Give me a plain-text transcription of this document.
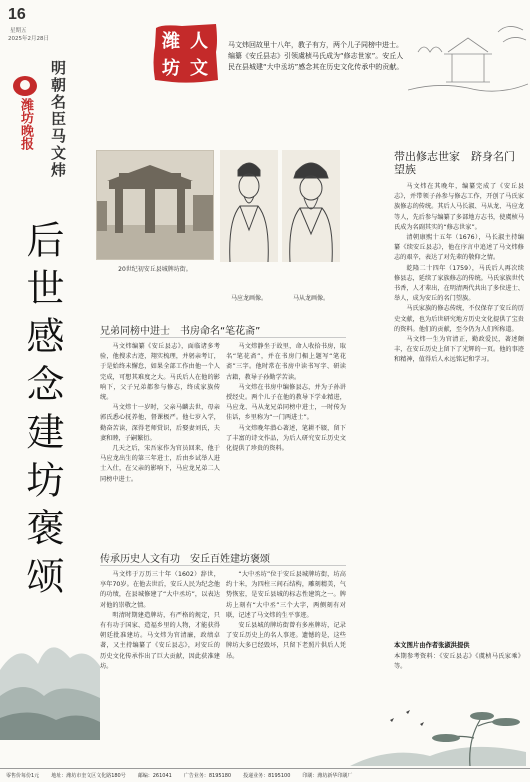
16
星期五
2025年2月28日
潍坊晚报 明朝名臣马文炜
潍 人
坊 文
马文炜回故里十八年，教子有方，两个儿子同榜中进士。编纂《安丘县志》引领虞桢马氏成为“修志世家”。安丘人民在县城建“大中丞坊”感念其在历史文化传承中的贡献。
后世感念建坊褒颂	20世纪初安丘县城牌坊街。
马应龙画像。	马从龙画像。
兄弟同榜中进士　书房命名“笔花斋”

马文炜编纂《安丘县志》，面临诸多考验，他搜求古迹，翔实梳理，并躬亲考订，于是始终未懈怠，如果全部工作由他一个人完成，可想其难度之大。马氏后人在他的影响下，父子兄弟都参与修志，终成家族传统。

马文炜十一岁时，父亲马麟去世，母亲郭氏悉心抚养他，督课极严。他七岁入学，勤奋苦读，深得老师赏识，后娶妻刘氏，夫妻和睦，子嗣繁衍。

几天之后，宋吾家作为官员回来，他于马应龙出生的第三年进士，后由乡试举人进士入仕，在父亲的影响下，马应龙兄弟二人同榜中进士。

马文炜静坐于故里，命人收拾书房，取名“笔花斋”，并在书房门楣上题写“笔花斋”三字。他时常在书房中读书写字、研读古籍，教导子孙勤学苦读。

马文炜在书房中编修县志，并为子孙讲授经史。两个儿子在他的教导下学业精进，马应龙、马从龙兄弟同榜中进士，一时传为佳话，乡里称为“一门两进士”。

马文炜晚年潜心著述，笔耕不辍，留下了丰富的诗文作品，为后人研究安丘历史文化提供了珍贵的资料。

传承历史人文有功　安丘百姓建坊褒颂

马文炜于万历三十年（1602）辞世，享年70岁。在他去世后，安丘人民为纪念他的功绩，在县城修建了“大中丞坊”，以表达对他的崇敬之情。

明清时期建造牌坊，有严格的规定，只有有功于国家、造福乡里的人物，才能获得朝廷批准建坊。马文炜为官清廉，政绩卓著，又主持编纂了《安丘县志》，对安丘的历史文化传承作出了巨大贡献，因此获准建坊。

“大中丞坊”位于安丘县城牌坊街，坊高约十米，为四柱三间石结构，雕刻精美，气势恢宏，是安丘县城的标志性建筑之一。牌坊上刻有“大中丞”三个大字，两侧刻有对联，记述了马文炜的生平事迹。

安丘县城的牌坊街曾有多座牌坊，记录了安丘历史上的名人事迹。遗憾的是，这些牌坊大多已经毁坏，只留下老照片供后人凭吊。

带出修志世家　跻身名门望族

马文炜在其晚年，编纂完成了《安丘县志》，并带领子孙参与修志工作，开创了马氏家族修志的传统。其后人马长淑、马从龙、马应龙等人，先后参与编纂了多部地方志书，使虞桢马氏成为名副其实的“修志世家”。

清朝康熙十五年（1676），马长淑主持编纂《续安丘县志》，他在序言中追述了马文炜修志的艰辛，表达了对先辈的敬仰之情。

乾隆二十四年（1759），马氏后人再次续修县志，延续了家族修志的传统。马氏家族世代书香，人才辈出，在明清两代共出了多位进士、举人，成为安丘的名门望族。

马氏家族的修志传统，不仅保存了安丘的历史文献，也为后世研究地方历史文化提供了宝贵的资料。他们的贡献，至今仍为人们所称道。

马文炜一生为官清正，勤政爱民，著述颇丰，在安丘历史上留下了光辉的一页。他的事迹和精神，值得后人永远铭记和学习。

本文图片由作者张淑洪提供
本期参考资料：《安丘县志》《虞桢马氏家乘》等。
零售价每份1元 地址：潍坊市奎文区文化路180号 邮编：261041 广告业务：8195180 投递业务：8195100 印刷：潍坊新华印刷厂
